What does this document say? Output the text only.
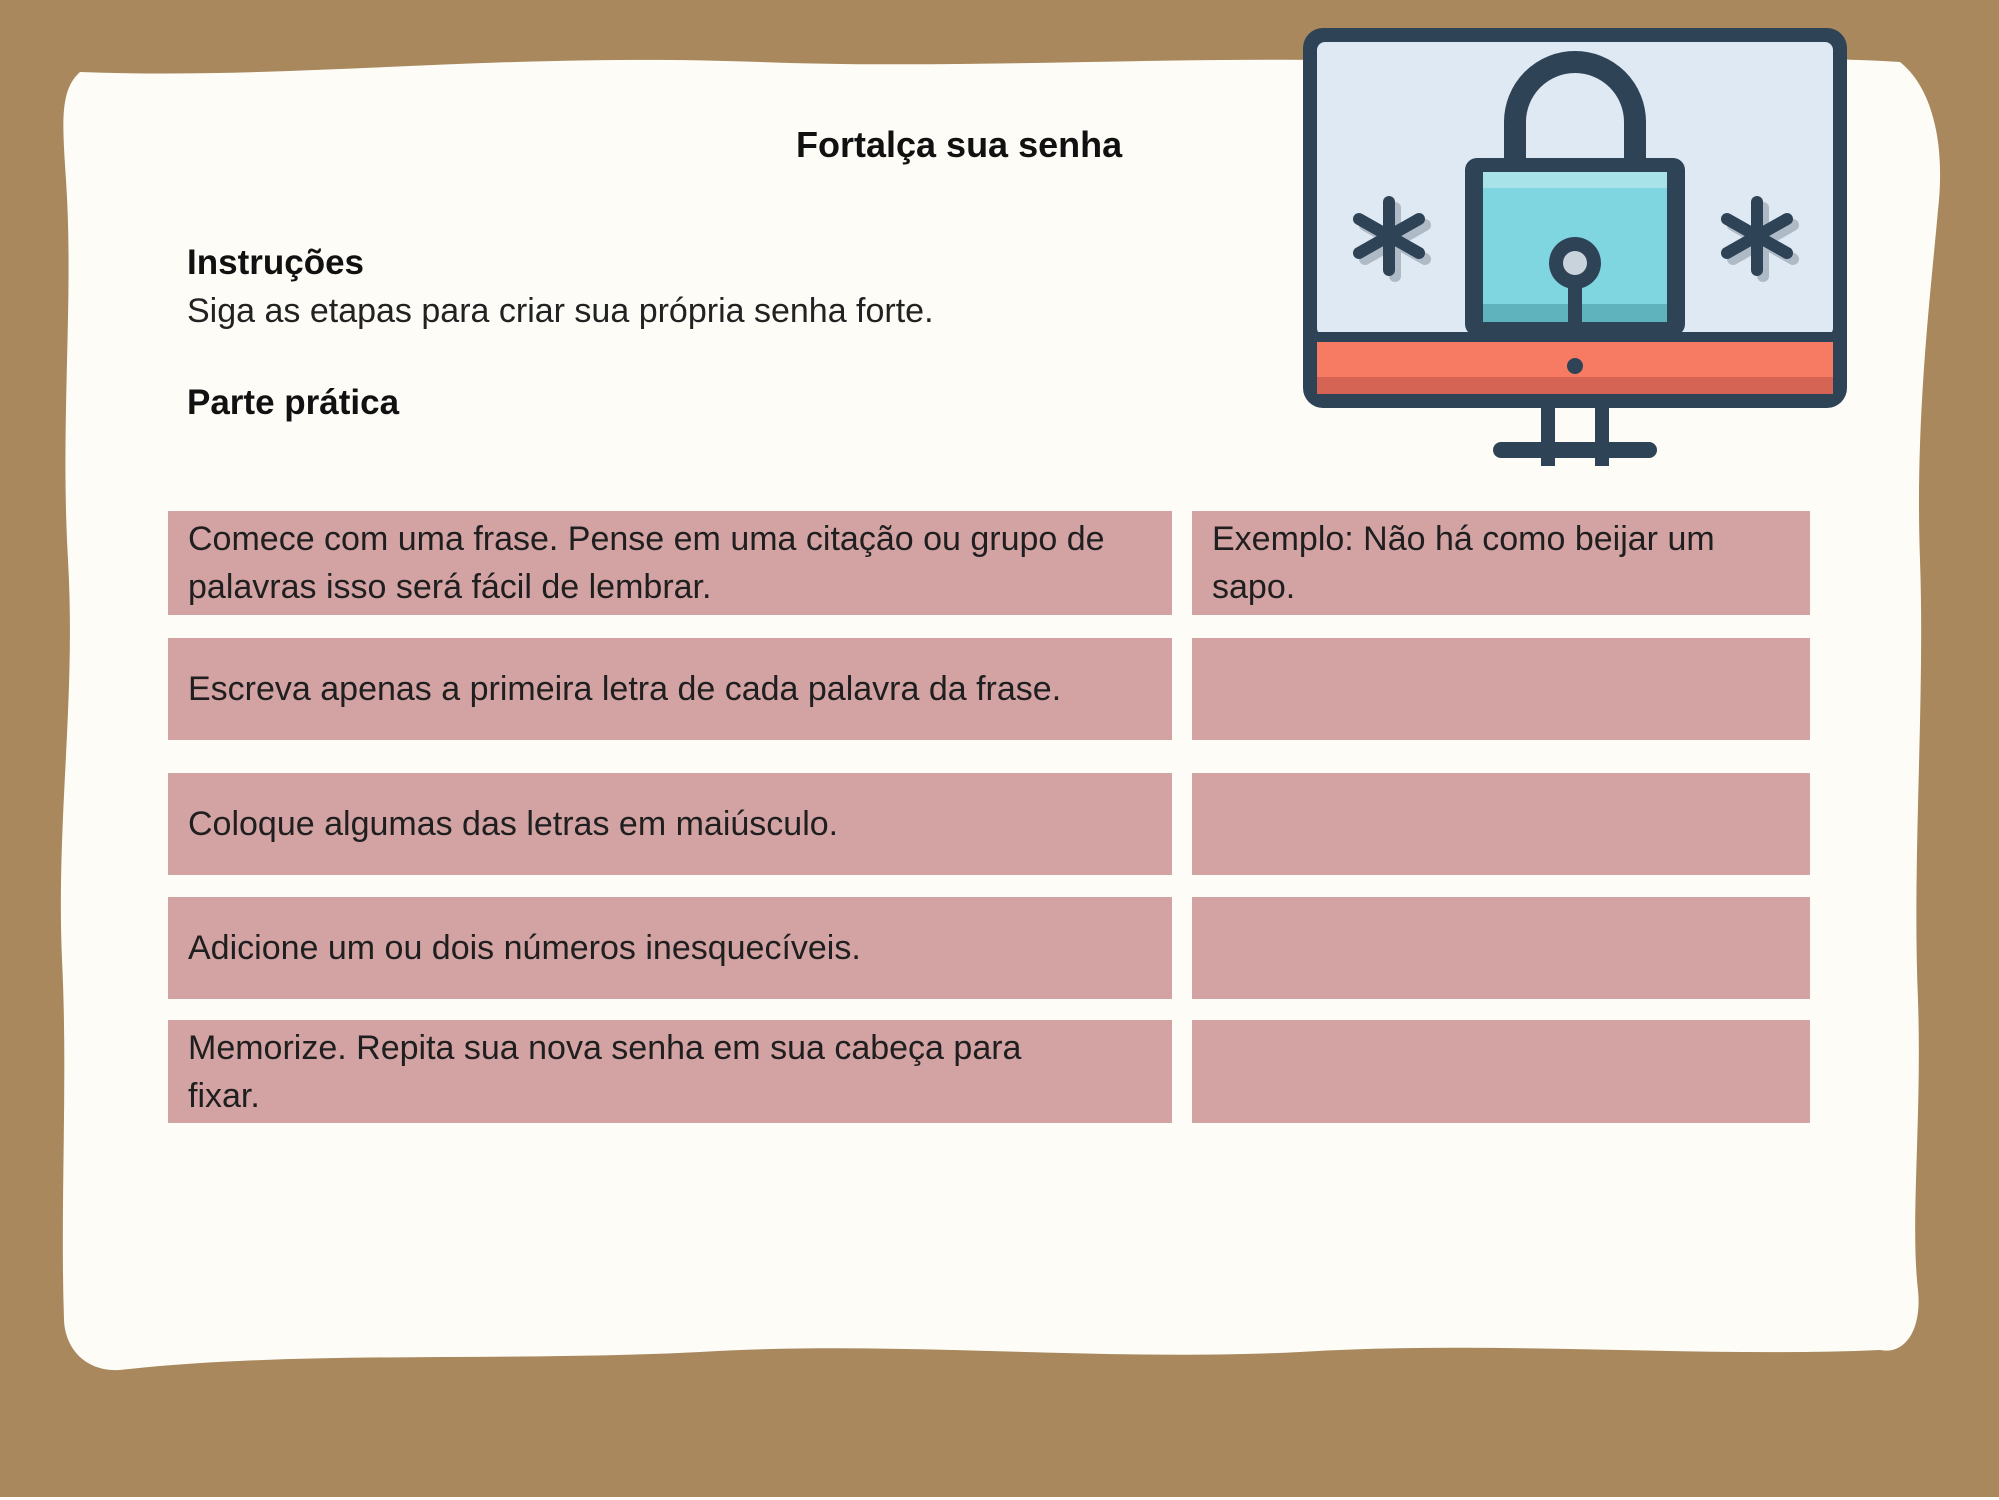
Fortalça sua senha
Instruções
Siga as etapas para criar sua própria senha forte.
Parte prática
Comece com uma frase. Pense em uma citação ou grupo de palavras isso será fácil de lembrar.
Exemplo: Não há como beijar um sapo.
Escreva apenas a primeira letra de cada palavra da frase.
Coloque algumas das letras em maiúsculo.
Adicione um ou dois números inesquecíveis.
Memorize. Repita sua nova senha em sua cabeça para fixar.
